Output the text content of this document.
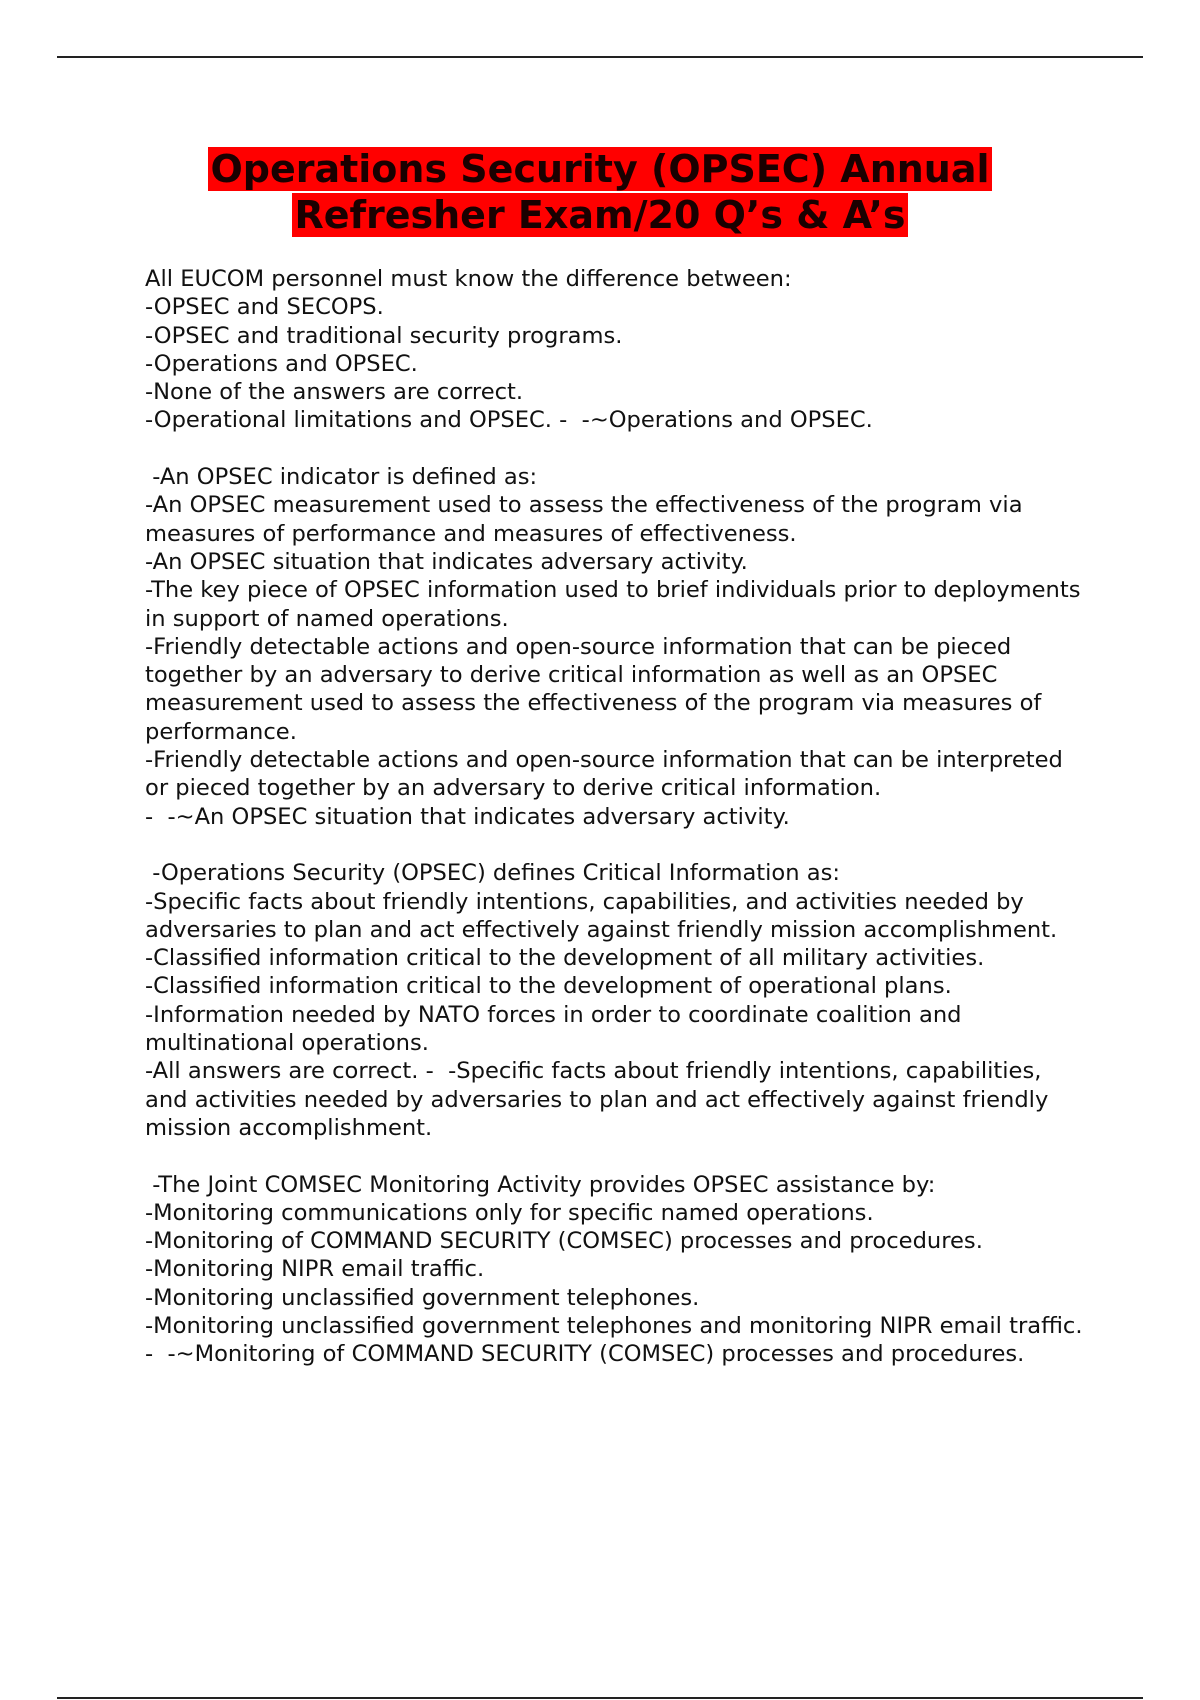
Operations Security (OPSEC) Annual
Refresher Exam/20 Q’s & A’s
All EUCOM personnel must know the difference between:
-OPSEC and SECOPS.
-OPSEC and traditional security programs.
-Operations and OPSEC.
-None of the answers are correct.
-Operational limitations and OPSEC. -  -~Operations and OPSEC.
-An OPSEC indicator is defined as:
-An OPSEC measurement used to assess the effectiveness of the program via measures of performance and measures of effectiveness.
-An OPSEC situation that indicates adversary activity.
-The key piece of OPSEC information used to brief individuals prior to deployments in support of named operations.
-Friendly detectable actions and open-source information that can be pieced together by an adversary to derive critical information as well as an OPSEC measurement used to assess the effectiveness of the program via measures of performance.
-Friendly detectable actions and open-source information that can be interpreted or pieced together by an adversary to derive critical information.
-  -~An OPSEC situation that indicates adversary activity.
-Operations Security (OPSEC) defines Critical Information as:
-Specific facts about friendly intentions, capabilities, and activities needed by adversaries to plan and act effectively against friendly mission accomplishment.
-Classified information critical to the development of all military activities.
-Classified information critical to the development of operational plans.
-Information needed by NATO forces in order to coordinate coalition and multinational operations.
-All answers are correct. -  -Specific facts about friendly intentions, capabilities, and activities needed by adversaries to plan and act effectively against friendly mission accomplishment.
-The Joint COMSEC Monitoring Activity provides OPSEC assistance by:
-Monitoring communications only for specific named operations.
-Monitoring of COMMAND SECURITY (COMSEC) processes and procedures.
-Monitoring NIPR email traffic.
-Monitoring unclassified government telephones.
-Monitoring unclassified government telephones and monitoring NIPR email traffic. -  -~Monitoring of COMMAND SECURITY (COMSEC) processes and procedures.
